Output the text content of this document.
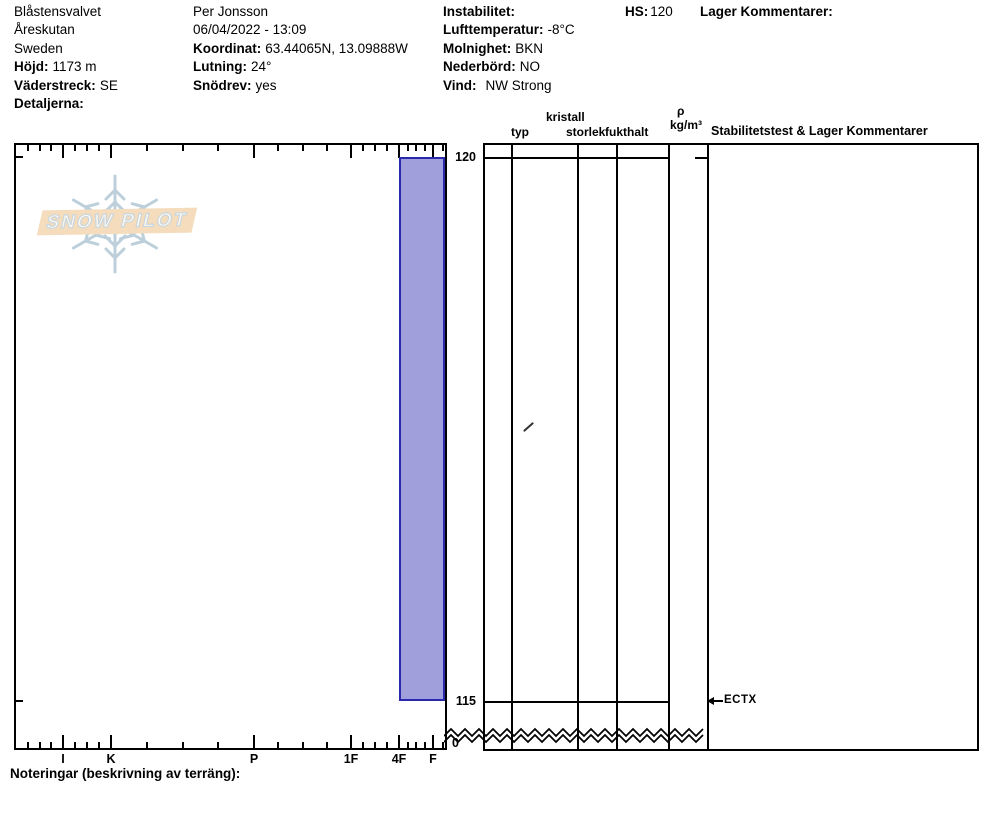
Blåstensvalvet
Åreskutan
Sweden
Höjd: 1173 m
Väderstreck: SE
Detaljerna:
Per Jonsson
06/04/2022 - 13:09
Koordinat: 63.44065N, 13.09888W
Lutning: 24°
Snödrev: yes
Instabilitet:
Lufttemperatur: -8°C
Molnighet: BKN
Nederbörd: NO
Vind: NW Strong
HS: 120 Lager Kommentarer:
typ
kristall
storlek fukthalt
ρ
kg/m³ Stabilitetstest & Lager Kommentarer
SNOW PILOT
ECTX
Noteringar (beskrivning av terräng):
I	K	P	1F	4F	F
120
115
0
